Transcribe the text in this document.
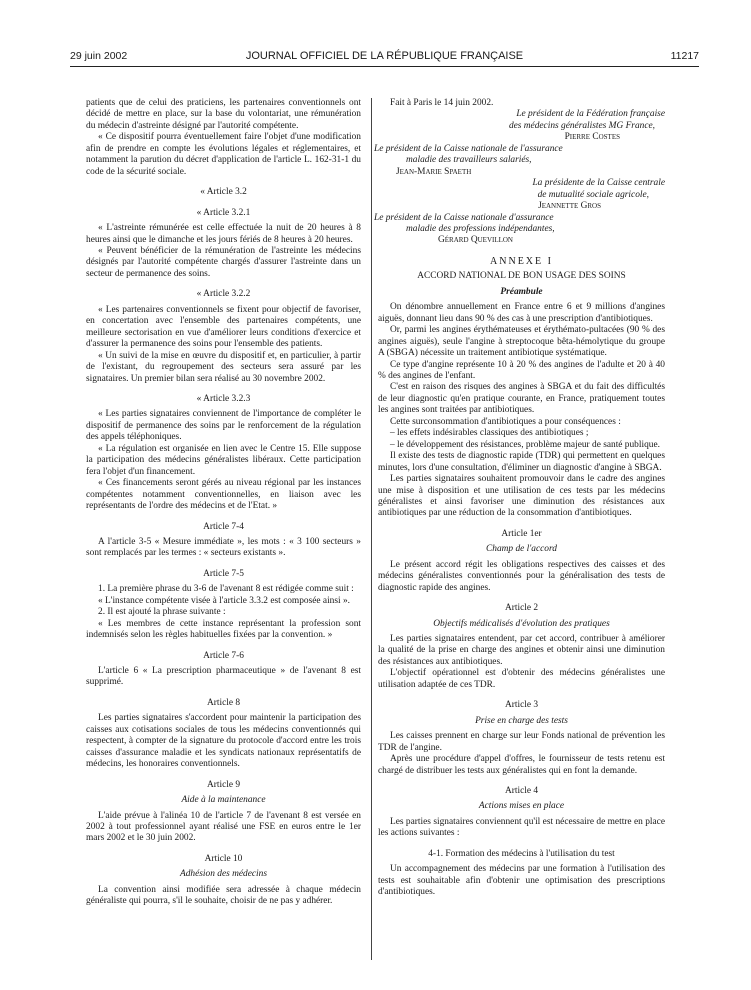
29 juin 2002	JOURNAL OFFICIEL DE LA RÉPUBLIQUE FRANÇAISE	11217

patients que de celui des praticiens, les partenaires conventionnels ont décidé de mettre en place, sur la base du volontariat, une rémunération du médecin d'astreinte désigné par l'autorité compétente.

« Ce dispositif pourra éventuellement faire l'objet d'une modification afin de prendre en compte les évolutions légales et réglementaires, et notamment la parution du décret d'application de l'article L. 162-31-1 du code de la sécurité sociale.

« Article 3.2

« Article 3.2.1

« L'astreinte rémunérée est celle effectuée la nuit de 20 heures à 8 heures ainsi que le dimanche et les jours fériés de 8 heures à 20 heures.

« Peuvent bénéficier de la rémunération de l'astreinte les médecins désignés par l'autorité compétente chargés d'assurer l'astreinte dans un secteur de permanence des soins.

« Article 3.2.2

« Les partenaires conventionnels se fixent pour objectif de favoriser, en concertation avec l'ensemble des partenaires compétents, une meilleure sectorisation en vue d'améliorer leurs conditions d'exercice et d'assurer la permanence des soins pour l'ensemble des patients.

« Un suivi de la mise en œuvre du dispositif et, en particulier, à partir de l'existant, du regroupement des secteurs sera assuré par les signataires. Un premier bilan sera réalisé au 30 novembre 2002.

« Article 3.2.3

« Les parties signataires conviennent de l'importance de compléter le dispositif de permanence des soins par le renforcement de la régulation des appels téléphoniques.

« La régulation est organisée en lien avec le Centre 15. Elle suppose la participation des médecins généralistes libéraux. Cette participation fera l'objet d'un financement.

« Ces financements seront gérés au niveau régional par les instances compétentes notamment conventionnelles, en liaison avec les représentants de l'ordre des médecins et de l'Etat. »

Article 7-4

A l'article 3-5 « Mesure immédiate », les mots : « 3 100 secteurs » sont remplacés par les termes : « secteurs existants ».

Article 7-5

1. La première phrase du 3-6 de l'avenant 8 est rédigée comme suit :

« L'instance compétente visée à l'article 3.3.2 est composée ainsi ».

2. Il est ajouté la phrase suivante :

« Les membres de cette instance représentant la profession sont indemnisés selon les règles habituelles fixées par la convention. »

Article 7-6

L'article 6 « La prescription pharmaceutique » de l'avenant 8 est supprimé.

Article 8

Les parties signataires s'accordent pour maintenir la participation des caisses aux cotisations sociales de tous les médecins conventionnés qui respectent, à compter de la signature du protocole d'accord entre les trois caisses d'assurance maladie et les syndicats nationaux représentatifs de médecins, les honoraires conventionnels.

Article 9

Aide à la maintenance

L'aide prévue à l'alinéa 10 de l'article 7 de l'avenant 8 est versée en 2002 à tout professionnel ayant réalisé une FSE en euros entre le 1er mars 2002 et le 30 juin 2002.

Article 10

Adhésion des médecins

La convention ainsi modifiée sera adressée à chaque médecin généraliste qui pourra, s'il le souhaite, choisir de ne pas y adhérer.

Fait à Paris le 14 juin 2002.

Le président de la Fédération française

des médecins généralistes MG France,

Pierre Costes

Le président de la Caisse nationale de l'assurance

maladie des travailleurs salariés,

Jean-Marie Spaeth

La présidente de la Caisse centrale

de mutualité sociale agricole,

Jeannette Gros

Le président de la Caisse nationale d'assurance

maladie des professions indépendantes,

Gérard Quevillon

ANNEXE I

ACCORD NATIONAL DE BON USAGE DES SOINS

Préambule

On dénombre annuellement en France entre 6 et 9 millions d'angines aiguës, donnant lieu dans 90 % des cas à une prescription d'antibiotiques.

Or, parmi les angines érythémateuses et érythémato-pultacées (90 % des angines aiguës), seule l'angine à streptocoque bêta-hémolytique du groupe A (SBGA) nécessite un traitement antibiotique systématique.

Ce type d'angine représente 10 à 20 % des angines de l'adulte et 20 à 40 % des angines de l'enfant.

C'est en raison des risques des angines à SBGA et du fait des difficultés de leur diagnostic qu'en pratique courante, en France, pratiquement toutes les angines sont traitées par antibiotiques.

Cette surconsommation d'antibiotiques a pour conséquences :

– les effets indésirables classiques des antibiotiques ;

– le développement des résistances, problème majeur de santé publique.

Il existe des tests de diagnostic rapide (TDR) qui permettent en quelques minutes, lors d'une consultation, d'éliminer un diagnostic d'angine à SBGA.

Les parties signataires souhaitent promouvoir dans le cadre des angines une mise à disposition et une utilisation de ces tests par les médecins généralistes et ainsi favoriser une diminution des résistances aux antibiotiques par une réduction de la consommation d'antibiotiques.

Article 1er

Champ de l'accord

Le présent accord régit les obligations respectives des caisses et des médecins généralistes conventionnés pour la généralisation des tests de diagnostic rapide des angines.

Article 2

Objectifs médicalisés d'évolution des pratiques

Les parties signataires entendent, par cet accord, contribuer à améliorer la qualité de la prise en charge des angines et obtenir ainsi une diminution des résistances aux antibiotiques.

L'objectif opérationnel est d'obtenir des médecins généralistes une utilisation adaptée de ces TDR.

Article 3

Prise en charge des tests

Les caisses prennent en charge sur leur Fonds national de prévention les TDR de l'angine.

Après une procédure d'appel d'offres, le fournisseur de tests retenu est chargé de distribuer les tests aux généralistes qui en font la demande.

Article 4

Actions mises en place

Les parties signataires conviennent qu'il est nécessaire de mettre en place les actions suivantes :

4-1. Formation des médecins à l'utilisation du test

Un accompagnement des médecins par une formation à l'utilisation des tests est souhaitable afin d'obtenir une optimisation des prescriptions d'antibiotiques.
